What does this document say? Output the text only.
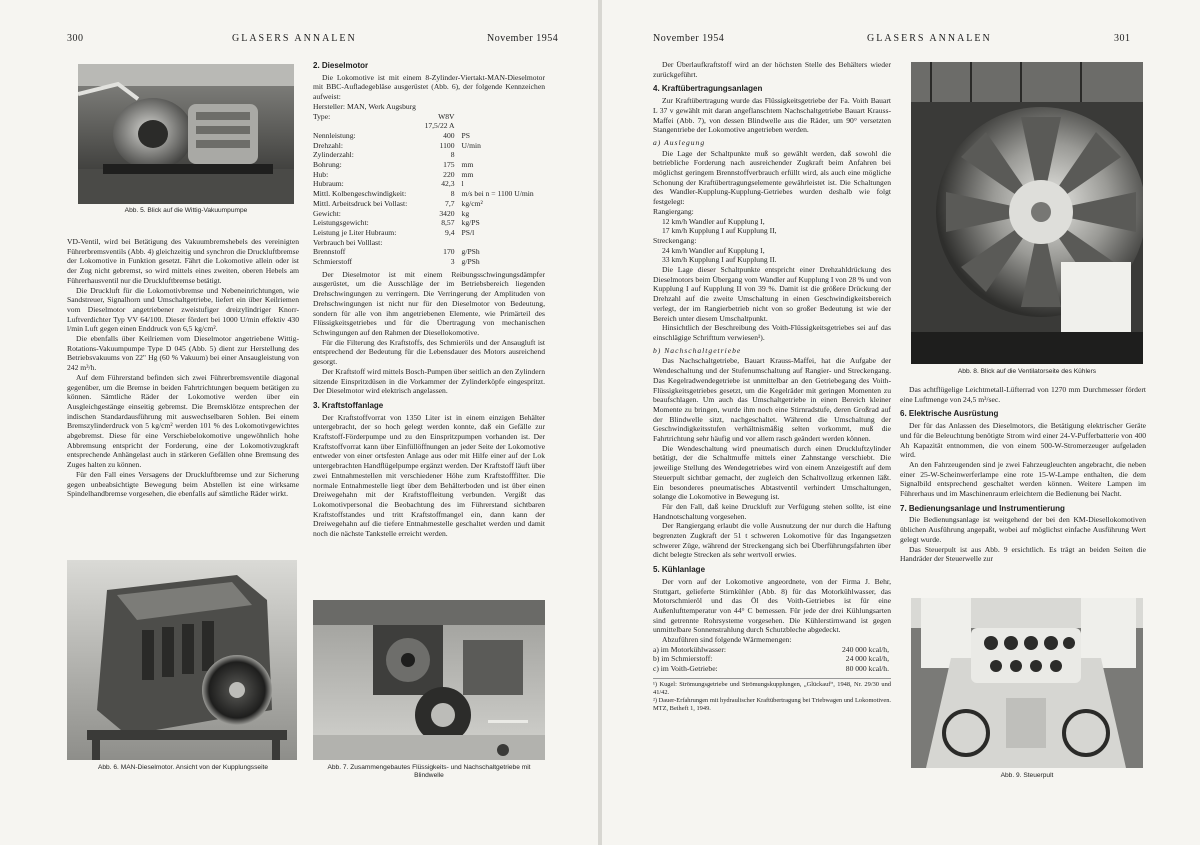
300	GLASERS ANNALEN	November 1954
Abb. 5. Blick auf die Wittig-Vakuumpumpe

VD-Ventil, wird bei Betätigung des Vakuumbremshebels des vereinigten Führerbremsventils (Abb. 4) gleichzeitig und synchron die Druckluftbremse der Lokomotive in Funktion gesetzt. Fährt die Lokomotive allein oder ist der Zug nicht gebremst, so wird mittels eines zweiten, oberen Hebels am Führerhausventil nur die Druckluftbremse betätigt.

Die Druckluft für die Lokomotivbremse und Nebeneinrichtungen, wie Sandstreuer, Signalhorn und Umschaltgetriebe, liefert ein über Keilriemen vom Dieselmotor angetriebener zweistufiger dreizylindriger Knorr-Luftverdichter Typ VV 64/100. Dieser fördert bei 1000 U/min effektiv 430 l/min Luft gegen einen Enddruck von 6,5 kg/cm².

Die ebenfalls über Keilriemen vom Dieselmotor angetriebene Wittig-Rotations-Vakuumpumpe Type D 045 (Abb. 5) dient zur Herstellung des Betriebsvakuums von 22" Hg (60 % Vakuum) bei einer Ansaugleistung von 242 m³/h.

Auf dem Führerstand befinden sich zwei Führerbremsventile diagonal gegenüber, um die Bremse in beiden Fahrtrichtungen bequem betätigen zu können. Sämtliche Räder der Lokomotive werden über ein Ausgleichgestänge einseitig gebremst. Die Bremsklötze entsprechen der indischen Standardausführung mit auswechselbaren Sohlen. Bei einem Bremszylinderdruck von 5 kg/cm² werden 101 % des Lokomotivgewichtes abgebremst. Diese für eine Verschiebelokomotive ungewöhnlich hohe Abbremsung entspricht der Forderung, eine der Lokomotivzugkraft entsprechende Anhängelast auch in stärkeren Gefällen ohne Bremsung des Zuges halten zu können.

Für den Fall eines Versagens der Druckluftbremse und zur Sicherung gegen unbeabsichtigte Bewegung beim Abstellen ist eine wirksame Spindelhandbremse vorgesehen, die ebenfalls auf sämtliche Räder wirkt.

Abb. 6. MAN-Dieselmotor. Ansicht von der Kupplungsseite
2. Dieselmotor

Die Lokomotive ist mit einem 8-Zylinder-Viertakt-MAN-Dieselmotor mit BBC-Aufladegebläse ausgerüstet (Abb. 6), der folgende Kennzeichen aufweist:

Hersteller: MAN, Werk Augsburg

Type:	W8V 17,5/22 A	
Nennleistung:	400	PS
Drehzahl:	1100	U/min
Zylinderzahl:	8	
Bohrung:	175	mm
Hub:	220	mm
Hubraum:	42,3	l
Mittl. Kolbengeschwindigkeit:	8	m/s bei n = 1100 U/min
Mittl. Arbeitsdruck bei Vollast:	7,7	kg/cm²
Gewicht:	3420	kg
Leistungsgewicht:	8,57	kg/PS
Leistung je Liter Hubraum:	9,4	PS/l
Verbrauch bei Volllast:		
Brennstoff	170	g/PSh
Schmierstoff	3	g/PSh

Der Dieselmotor ist mit einem Reibungsschwingungsdämpfer ausgerüstet, um die Ausschläge der im Betriebsbereich liegenden Drehschwingungen zu verringern. Die Verringerung der Amplituden von Drehschwingungen ist nicht nur für den Dieselmotor von Bedeutung, sondern für alle von ihm angetriebenen Elemente, wie Primärteil des Flüssigkeitsgetriebes und für die Übertragung von mechanischen Schwingungen auf den Rahmen der Diesellokomotive.

Für die Filterung des Kraftstoffs, des Schmieröls und der Ansaugluft ist entsprechend der Bedeutung für die Lebensdauer des Motors ausreichend gesorgt.

Der Kraftstoff wird mittels Bosch-Pumpen über seitlich an den Zylindern sitzende Einspritzdüsen in die Vorkammer der Zylinderköpfe eingespritzt. Der Dieselmotor wird elektrisch angelassen.

3. Kraftstoffanlage

Der Kraftstoffvorrat von 1350 Liter ist in einem einzigen Behälter untergebracht, der so hoch gelegt werden konnte, daß ein Gefälle zur Kraftstoff-Förderpumpe und zu den Einspritzpumpen vorhanden ist. Der Kraftstoffvorrat kann über Einfüllöffnungen an jeder Seite der Lokomotive entweder von einer ortsfesten Anlage aus oder mit Hilfe einer auf der Lok untergebrachten Handflügelpumpe ergänzt werden. Der Kraftstoff läuft über zwei Entnahmestellen mit verschiedener Höhe zum Kraftstofffilter. Die normale Entnahmestelle liegt über dem Behälterboden und ist über einen Dreiwegehahn mit der Kraftstoffleitung verbunden. Vergißt das Lokomotivpersonal die Beobachtung des im Führerstand sichtbaren Kraftstoffstandes und tritt Kraftstoffmangel ein, dann kann der Dreiwegehahn auf die tiefere Entnahmestelle geschaltet werden und damit noch die nächste Tankstelle erreicht werden.

Abb. 7. Zusammengebautes Flüssigkeits- und Nachschaltgetriebe mit Blindwelle
November 1954	GLASERS ANNALEN	301

Der Überlaufkraftstoff wird an der höchsten Stelle des Behälters wieder zurückgeführt.

4. Kraftübertragungsanlagen

Zur Kraftübertragung wurde das Flüssigkeitsgetriebe der Fa. Voith Bauart L 37 v gewählt mit daran angeflanschtem Nachschaltgetriebe Bauart Krauss-Maffei (Abb. 7), von dessen Blindwelle aus die Räder, um 90° versetzten Stangentriebe der Lokomotive angetrieben werden.

a) Auslegung

Die Lage der Schaltpunkte muß so gewählt werden, daß sowohl die betriebliche Forderung nach ausreichender Zugkraft beim Anfahren bei möglichst geringem Brennstoffverbrauch erfüllt wird, als auch eine mögliche Schonung der Kraftübertragungselemente gewährleistet ist. Die Schaltungen des Wandler-Kupplung-Kupplung-Getriebes wurden deshalb wie folgt festgelegt:

Rangiergang:

12 km/h Wandler auf Kupplung I,

17 km/h Kupplung I auf Kupplung II,

Streckengang:

24 km/h Wandler auf Kupplung I,

33 km/h Kupplung I auf Kupplung II.

Die Lage dieser Schaltpunkte entspricht einer Drehzahldrückung des Dieselmotors beim Übergang vom Wandler auf Kupplung I von 28 % und von Kupplung I auf Kupplung II von 39 %. Damit ist die größere Drückung der Drehzahl auf die zweite Umschaltung in einen Geschwindigkeitsbereich verlegt, der im Rangierbetrieb nicht von so großer Bedeutung ist wie der Bereich unter diesem Umschaltpunkt.

Hinsichtlich der Beschreibung des Voith-Flüssigkeitsgetriebes sei auf das einschlägige Schrifttum verwiesen¹).

b) Nachschaltgetriebe

Das Nachschaltgetriebe, Bauart Krauss-Maffei, hat die Aufgabe der Wendeschaltung und der Stufenumschaltung auf Rangier- und Streckengang. Das Kegelradwendegetriebe ist unmittelbar an den Getriebegang des Voith-Flüssigkeitsgetriebes gesetzt, um die Kegelräder mit geringen Momenten zu beaufschlagen. Um auch das Umschaltgetriebe in einen Bereich kleiner Momente zu bringen, wurde ihm noch eine Stirnradstufe, deren Großrad auf der Blindwelle sitzt, nachgeschaltet. Während die Umschaltung der Geschwindigkeitsstufen verhältnismäßig selten vorkommt, muß die Fahrtrichtung sehr häufig und vor allem rasch geändert werden können.

Die Wendeschaltung wird pneumatisch durch einen Druckluftzylinder betätigt, der die Schaltmuffe mittels einer Zahnstange verschiebt. Die jeweilige Stellung des Wendegetriebes wird von einem Anzeigestift auf dem Steuerpult sichtbar gemacht, der zugleich den Schaltvollzug erkennen läßt. Ein besonderes pneumatisches Abtastventil verhindert Umschaltungen, solange die Lokomotive in Bewegung ist.

Für den Fall, daß keine Druckluft zur Verfügung stehen sollte, ist eine Handnotschaltung vorgesehen.

Der Rangiergang erlaubt die volle Ausnutzung der nur durch die Haftung begrenzten Zugkraft der 51 t schweren Lokomotive für das Ingangsetzen schwerer Züge, während der Streckengang sich bei Überführungsfahrten über dicht belegte Strecken als sehr wertvoll erwies.

5. Kühlanlage

Der vorn auf der Lokomotive angeordnete, von der Firma J. Behr, Stuttgart, gelieferte Stirnkühler (Abb. 8) für das Motorkühlwasser, das Motorschmieröl und das Öl des Voith-Getriebes ist für eine Außenlufttemperatur von 44° C bemessen. Für jede der drei Kühlungsarten sind getrennte Rohrsysteme vorgesehen. Die Kühlerstirnwand ist gegen unmittelbare Sonnenstrahlung durch Schutzbleche abgedeckt.

Abzuführen sind folgende Wärmemengen:

a) im Motorkühlwasser:	240 000 kcal/h,
b) im Schmierstoff:	24 000 kcal/h,
c) im Voith-Getriebe:	80 000 kcal/h.
¹) Kugel: Strömungsgetriebe und Strömungskupplungen, „Glückauf“, 1948, Nr. 29/30 und 41/42.
²) Dauer-Erfahrungen mit hydraulischer Kraftübertragung bei Triebwagen und Lokomotiven. MTZ, Beiheft 1, 1949.
Abb. 8. Blick auf die Ventilatorseite des Kühlers

Das achtflügelige Leichtmetall-Lüfterrad von 1270 mm Durchmesser fördert eine Luftmenge von 24,5 m³/sec.

6. Elektrische Ausrüstung

Der für das Anlassen des Dieselmotors, die Betätigung elektrischer Geräte und für die Beleuchtung benötigte Strom wird einer 24-V-Pufferbatterie von 400 Ah Kapazität entnommen, die von einem 500-W-Stromerzeuger aufgeladen wird.

An den Fahrzeugenden sind je zwei Fahrzeugleuchten angebracht, die neben einer 25-W-Scheinwerferlampe eine rote 15-W-Lampe enthalten, die dem Signalbild entsprechend geschaltet werden können. Weitere Lampen im Führerhaus und im Maschinenraum erleichtern die Bedienung bei Nacht.

7. Bedienungsanlage und Instrumentierung

Die Bedienungsanlage ist weitgehend der bei den KM-Diesellokomotiven üblichen Ausführung angepaßt, wobei auf möglichst einfache Ausführung Wert gelegt wurde.

Das Steuerpult ist aus Abb. 9 ersichtlich. Es trägt an beiden Seiten die Handräder der Steuerwelle zur

Abb. 9. Steuerpult
